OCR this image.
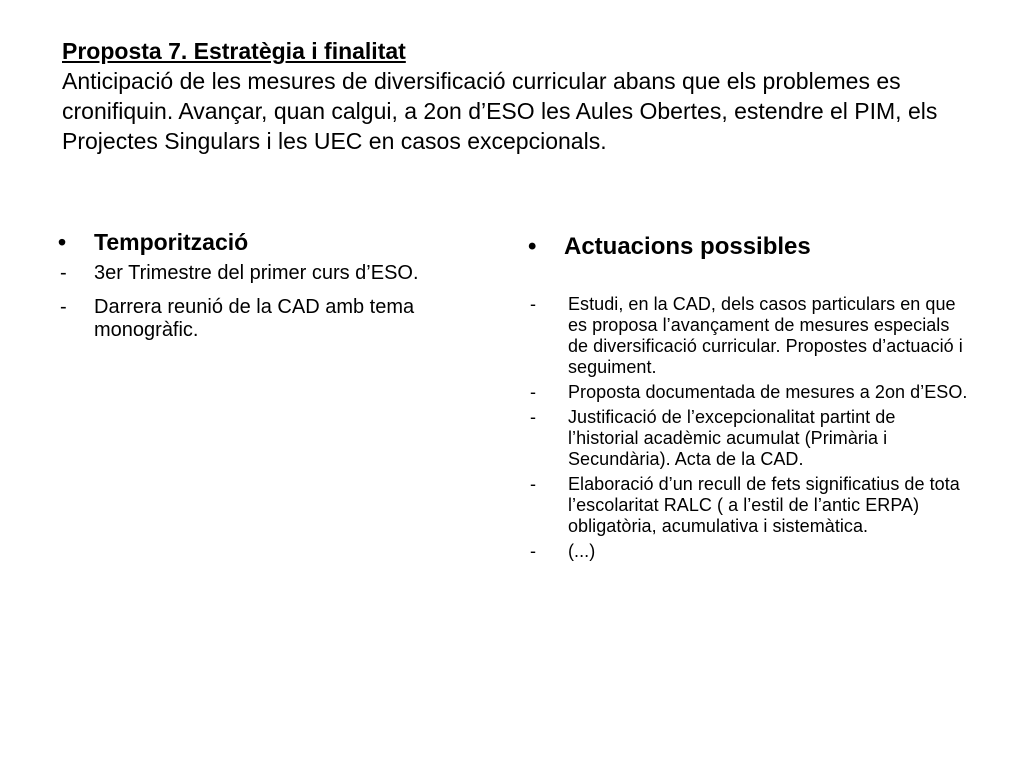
Proposta 7. Estratègia i finalitat
Anticipació de les mesures de diversificació curricular abans que els problemes es cronifiquin. Avançar, quan calgui, a 2on d’ESO les Aules Obertes, estendre el PIM, els Projectes Singulars i les UEC en casos excepcionals.
•	Temporització
-	3er Trimestre del primer curs d’ESO.
-	Darrera reunió de la CAD amb tema monogràfic.
•	Actuacions possibles
-	Estudi, en la CAD, dels casos particulars en que es proposa l’avançament de mesures especials de diversificació curricular. Propostes d’actuació i seguiment.
-	Proposta documentada de mesures a 2on d’ESO.
-	Justificació de l’excepcionalitat partint de l’historial acadèmic acumulat (Primària i Secundària). Acta de la CAD.
-	Elaboració d’un recull de fets significatius de tota l’escolaritat RALC ( a l’estil de l’antic ERPA) obligatòria, acumulativa i sistemàtica.
-	(...)
